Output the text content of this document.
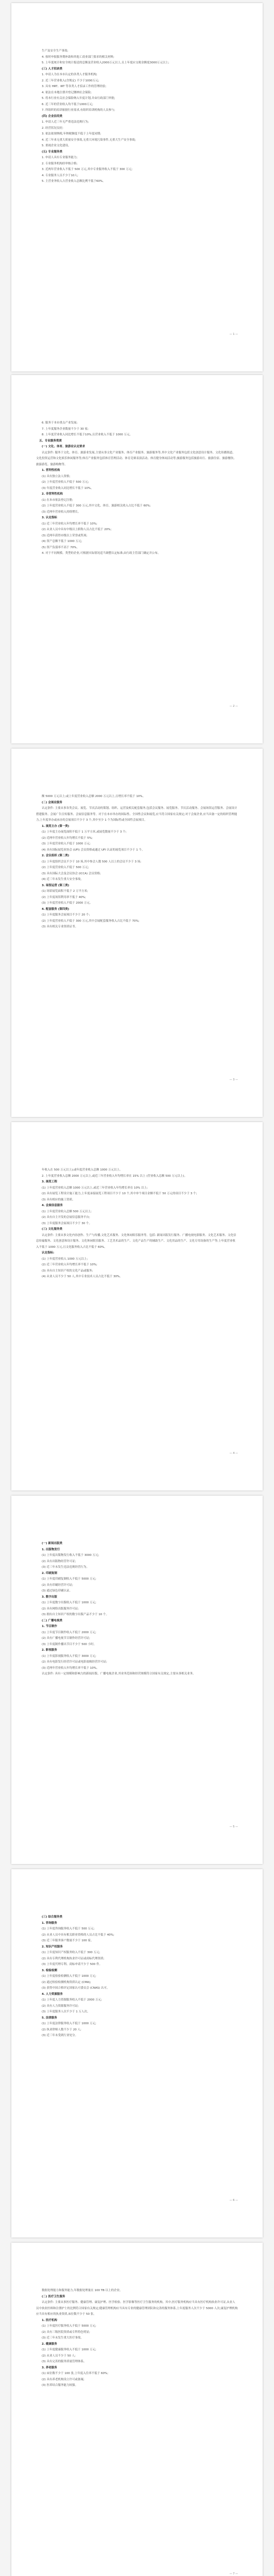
生产及安全生产事故;

4. 按时申报服务期补助和其他工商业部门要求的相关材料;

5. 上年度统计和安全统计报送的总额及营业收入2000万元以上,且上年度应交税金额度3000万元以上;

(三) 人才招录类

1. 申请人为在本市认定的各类人才服务机构;

2. 近三年营业收入(含规定) 不少于1000万元;

3. 具有 HRT、IRT 等各类人才招录工作的管理经验;

4. 依法在本地注册并登记缴纳社会保险;

5. 将本行业有关社会保险纳入年度计划,并由行政部门审批;

6. 近三年的营业收入均不低于1000万元;

7. 所组织的培训依据行业需求,有组织培训机构的人员参与;

(四) 企业信用类

1. 申请人近三年无严重违法违规行为;

2. 经营状况良好;

3. 依法依规纳税,年纳税额度不低于上年度同期;

4. 近三年来无重大质量安全事故,无重大环境污染事件,无重大生产安全事故;

5. 重视企业文化建设。

(五) 专业服务类

1. 申请人具有专业服务能力;

2. 专业服务机构经审核合格;

3. 近两年营业收入不低于 500 万元,其中专业服务收入不低于 300 万元;

4. 专业服务人员不少于10人;

5. 主营业务收入占营业收入总额比例不低于60%。

— 1 —

6. 服务于本市重点产业发展;

7. 上年度服务企业数量不少于 30 家;

8. 上年度营业收入同比增长不低于10%,且营业收入不低于 1000 万元。

五、专业服务资质

(一) 文化、体育、旅游业认定要求

认定条件: 服务于文化、体育、旅游业发展,主要从事文化产业服务、体育产业服务、旅游服务等,其中文化产业服务包括文化创意设计服务、文化传播渠道、文化投资运营和文化娱乐休闲服务等;体育产业服务包括体育管理活动、体育竞赛表演活动、体育健身休闲活动等;旅游服务包括旅游出行、旅游住宿、旅游餐饮、旅游游览、旅游购物等。

1. 营利性机构

(1) 具有独立法人资格;

(2) 上年度营业收入不低于 500 万元;

(3) 年度营业收入同比增长不低于 10%。

2. 非营利性机构

(1) 在本市依法登记注册;

(2) 上年度营业收入不低于 300 万元,其中文化、体育、旅游相关收入占比不低于 60%;

(3) 近两年营业收入持续增长。

3. 认定指标

(1) 近三年营业收入年均增长率不低于 10%;

(2) 从业人员中具有中级以上职称人员占比不低于 20%;

(3) 近两年获得市级以上荣誉或奖项;

(4) 资产总额不低于 1000 万元;

(5) 资产负债率不高于 70%。

4. 对于不同规模、类型的企业,可根据实际情况适当调整认定标准,由行政主管部门确定并公布。

— 2 —

额 5000 万元以上;或上年度营业收入总额 2000 万元以上,且增长率不低于 10%。

(二) 会展业服务

认定条件: 主要从事各类会议、展览、节庆活动的策划、组织、运营及相关配套服务,包括会议服务、展览服务、节庆活动服务、会展场馆运营服务、会展设计搭建服务、会展广告宣传服务、会展信息服务等。对于在本市举办的国际性、全国性会议和展览,应当符合国家有关规定;对于会展企业,应当具备一定的组织管理能力,上年度举办或承办的会展项目不少于 3 个,其中至少 1 个为国际性或全国性会展项目。

1. 展览主办 (第一类)

(1) 上年度主办展览面积不低于 1 万平方米,或展览数量不少于 3 个;

(2) 近两年营业收入年均增长不低于 5%;

(3) 上年度营业收入不低于 1000 万元;

(4) 具有国际展览业协会 (UFI) 会员资格或通过 UFI 认证的展览项目不少于 1 个。

2. 会议组织 (第二类)

(1) 上年度组织会议不少于 10 场,其中参会人数 500 人以上的会议不少于 3 场;

(2) 上年度营业收入不低于 500 万元;

(3) 具有国际大会及会议协会 (ICCA) 会员资格;

(4) 近三年未发生重大安全事故。

3. 场馆运营 (第三类)

(1) 场馆展览面积不低于 2 万平方米;

(2) 上年度场馆利用率不低于 40%;

(3) 上年度营业收入不低于 2000 万元。

4. 配套服务 (第四类)

(1) 上年度服务会展项目不少于 20 个;

(2) 上年度营业收入不低于 300 万元,其中会展配套服务收入占比不低于 70%;

(3) 具有相关专业资质证书。

— 3 —

年收入在 500 万元以上);或年度营业收入总额 1000 万元以上。

2. 上年度营业收入总额 2000 万元以上,或近三年营业收入年均增长率在 15% 以上 (营业收入总额 500 万元以上)。

3. 展览工程

(1) 上年度营业收入总额 1000 万元以上,或近三年营业收入年均增长率在 10% 以上;

(2) 具有展览工程设计施工能力,上年度承接展览工程项目不少于 10 个,其中单个项目金额不低于 50 万元的项目不少于 3 个;

(3) 具有相应的施工资质。

4. 会展信息服务

(1) 上年度营业收入总额 500 万元以上;

(2) 具有自主开发的会展信息服务平台;

(3) 上年度服务会展项目不少于 30 个。

(三) 文化服务类

认定条件: 主要从事文化内容创作、生产与传播,文化艺术服务、文化休闲娱乐服务等。包括: 新闻出版发行服务、广播电视电影服务、文化艺术服务、文化信息传输服务、文化创意和设计服务、文化休闲娱乐服务、工艺美术品的生产、文化产品生产的辅助生产、文化用品的生产、文化专用设备的生产等;上年度营业收入不低于 1000 万元,且文化服务收入占比不低于 60%。

认定指标:

(1) 上年度营业收入 1000 万元以上;

(2) 近三年营业收入年均增长率不低于 10%;

(3) 具有自主知识产权的文化产品或服务;

(4) 从业人员不少于 50 人,其中专业技术人员占比不低于 30%。

— 4 —

(一) 新闻出版类

1. 出版物发行

(1) 上年度出版物发行收入不低于 3000 万元;

(2) 具有出版物经营许可证;

(3) 近三年未发生违法违规经营行为。

2. 印刷复制

(1) 上年度印刷复制收入不低于 5000 万元;

(2) 具有印刷经营许可证;

(3) 通过绿色印刷认证。

3. 数字出版

(1) 上年度数字出版收入不低于 1000 万元;

(2) 具有网络出版服务许可证;

(3) 拥有自主知识产权的数字出版产品不少于 10 个。

(二) 广播电视类

1. 节目制作

(1) 上年度节目制作收入不低于 2000 万元;

(2) 具有广播电视节目制作经营许可证;

(3) 上年度制作播出节目不少于 500 小时。

2. 影视服务

(1) 上年度影视服务收入不低于 3000 万元;

(2) 具有电影发行经营许可证或电影放映经营许可证;

(3) 近两年营业收入年均增长率不低于 10%。

认定条件: 具有一定规模和影响力的新闻出版、广播电视企业,其业务范围和经营规模符合国家有关规定,主要从事相关业务。

— 5 —

(三) 综合服务类

1. 咨询服务

(1) 上年度咨询服务收入不低于 500 万元;

(2) 从业人员中具有相关职业资格的人员占比不低于 40%;

(3) 近三年服务客户数量不少于 100 家。

2. 知识产权服务

(1) 上年度知识产权服务收入不低于 300 万元;

(2) 具有专利代理机构执业许可证或商标代理资质;

(3) 上年度代理专利、商标申请不少于 500 件。

3. 检验检测

(1) 上年度检验检测收入不低于 1000 万元;

(2) 通过检验检测机构资质认定 (CMA);

(3) 获得中国合格评定国家认可委员会 (CNAS) 认可。

4. 人力资源服务

(1) 上年度人力资源服务收入不低于 2000 万元;

(2) 具有人力资源服务许可证;

(3) 上年度服务人次不少于 1 万人次。

5. 法律服务

(1) 上年度法律服务收入不低于 1000 万元;

(2) 执业律师人数不少于 20 人;

(3) 近三年未受到行业处分。

— 6 —

数据处理能力和服务能力,年数据处理量在 100 TB 以上的企业。

(二) 医疗卫生服务

认定条件: 主要从事医疗服务、健康管理、康复护理、医学检验、医学影像等医疗卫生服务的机构。其中,医疗服务机构应当具有医疗机构执业许可证,从业人员中执业医师和注册护士的比例符合国家有关规定;健康管理机构应当具有专业的健康管理团队和完善的服务体系,上年度服务人次不少于 5000 人次;康复护理机构应当具有相应的执业资质,床位数不少于 50 张。

1. 医疗机构

(1) 上年度医疗服务收入不低于 5000 万元;

(2) 具有三级医院资质或专科特色明显;

(3) 近三年未发生重大医疗事故。

2. 健康服务

(1) 上年度健康服务收入不低于 1000 万元;

(2) 从业人员不少于 50 人;

(3) 具有完善的服务质量管理体系。

3. 养老服务

(1) 床位数不少于 100 张,上年度入住率不低于 60%;

(2) 具有养老机构设立许可或备案;

(3) 医养结合服务能力较强。

— 7 —
